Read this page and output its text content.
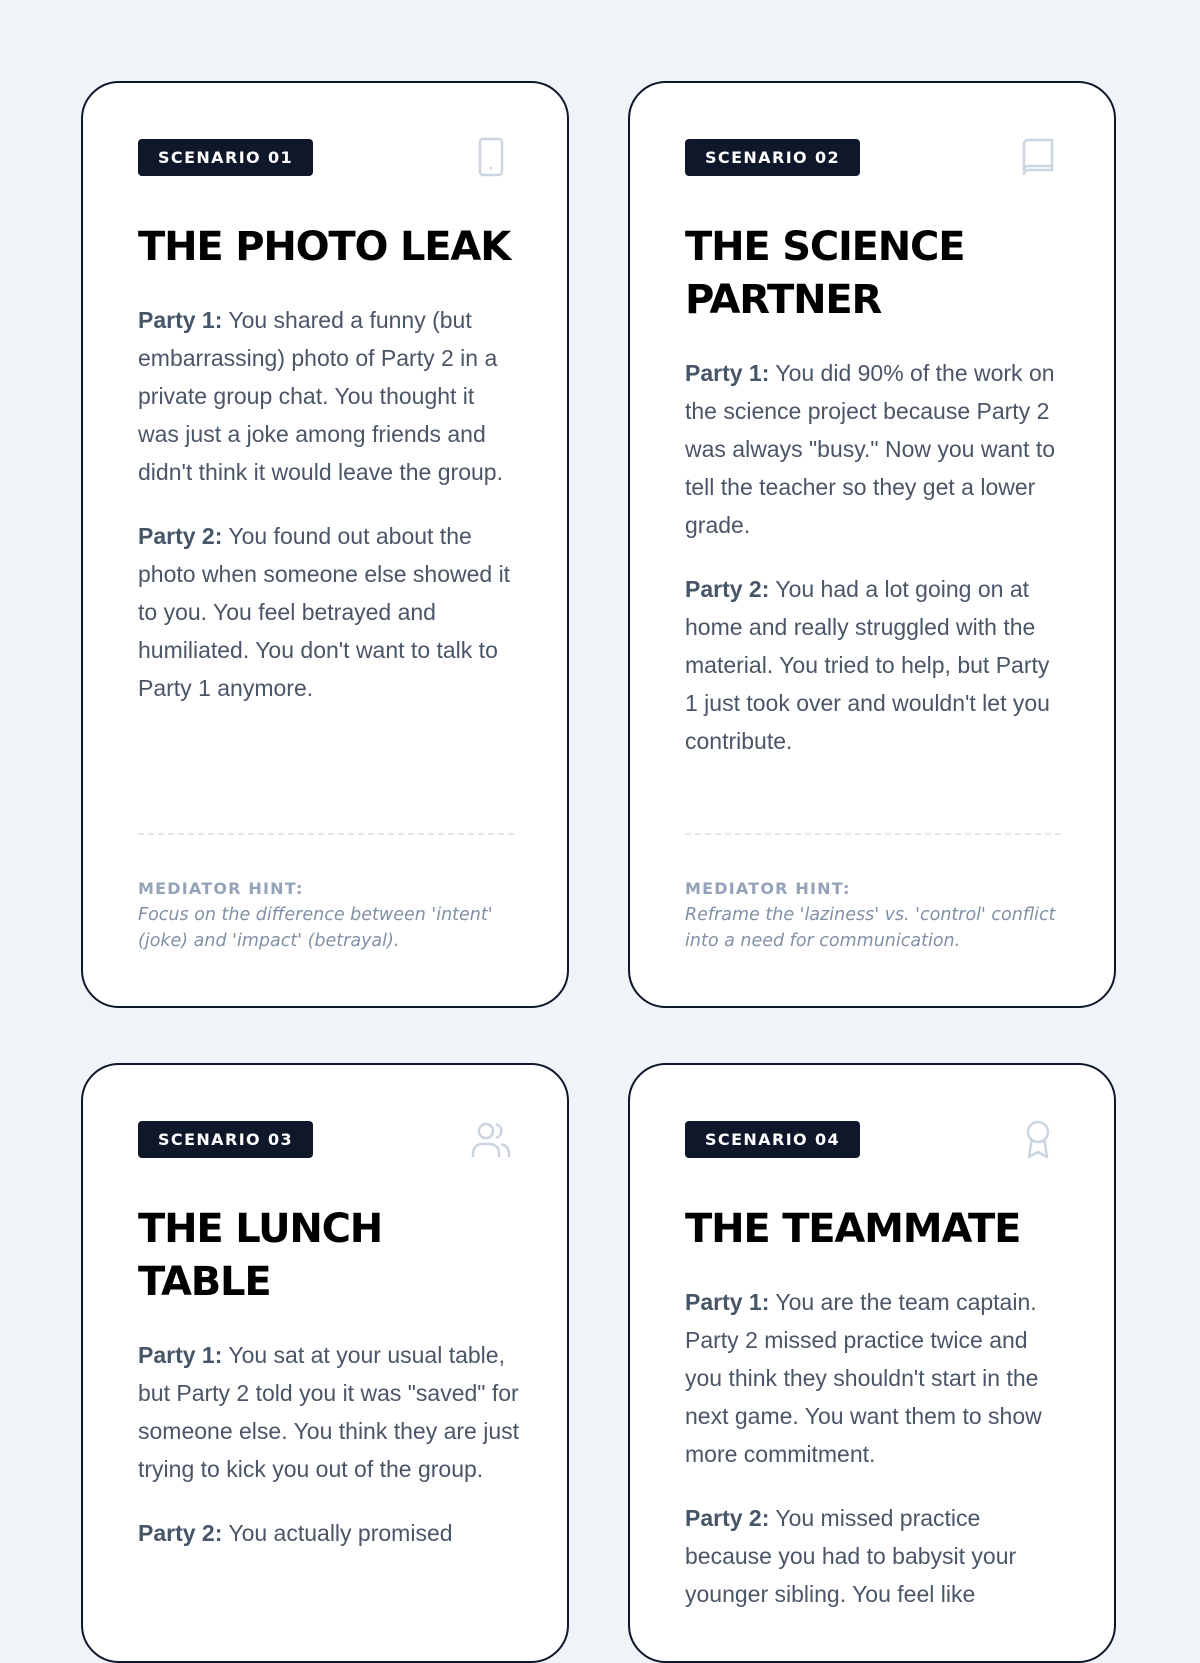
SCENARIO 01
THE PHOTO LEAK

Party 1: You shared a funny (but embarrassing) photo of Party 2 in a private group chat. You thought it was just a joke among friends and didn't think it would leave the group.

Party 2: You found out about the photo when someone else showed it to you. You feel betrayed and humiliated. You don't want to talk to Party 1 anymore.

MEDIATOR HINT:
Focus on the difference between 'intent' (joke) and 'impact' (betrayal).
SCENARIO 02
THE SCIENCE PARTNER

Party 1: You did 90% of the work on the science project because Party 2 was always "busy." Now you want to tell the teacher so they get a lower grade.

Party 2: You had a lot going on at home and really struggled with the material. You tried to help, but Party 1 just took over and wouldn't let you contribute.

MEDIATOR HINT:
Reframe the 'laziness' vs. 'control' conflict into a need for communication.
SCENARIO 03
THE LUNCH TABLE

Party 1: You sat at your usual table, but Party 2 told you it was "saved" for someone else. You think they are just trying to kick you out of the group.

Party 2: You actually promised

SCENARIO 04
THE TEAMMATE

Party 1: You are the team captain. Party 2 missed practice twice and you think they shouldn't start in the next game. You want them to show more commitment.

Party 2: You missed practice because you had to babysit your younger sibling. You feel like
